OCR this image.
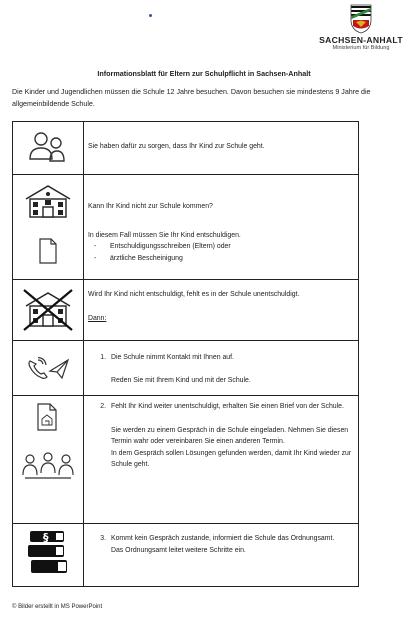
SACHSEN-ANHALT
Ministerium für Bildung
Informationsblatt für Eltern zur Schulpflicht in Sachsen-Anhalt
Die Kinder und Jugendlichen müssen die Schule 12 Jahre besuchen. Davon besuchen sie mindestens 9 Jahre die allgemeinbildende Schule.

Sie haben dafür zu sorgen, dass Ihr Kind zur Schule geht.

Kann Ihr Kind nicht zur Schule kommen?

In diesem Fall müssen Sie Ihr Kind entschuldigen.

- Entschuldigungsschreiben (Eltern) oder
- ärztliche Bescheinigung

Wird Ihr Kind nicht entschuldigt, fehlt es in der Schule unentschuldigt.

Dann:

1. Die Schule nimmt Kontakt mit Ihnen auf.

Reden Sie mit Ihrem Kind und mit der Schule.

2. Fehlt Ihr Kind weiter unentschuldigt, erhalten Sie einen Brief von der Schule.

Sie werden zu einem Gespräch in die Schule eingeladen. Nehmen Sie diesen Termin wahr oder vereinbaren Sie einen anderen Termin.

In dem Gespräch sollen Lösungen gefunden werden, damit Ihr Kind wieder zur Schule geht.

§	3. Kommt kein Gespräch zustande, informiert die Schule das Ordnungsamt.

Das Ordnungsamt leitet weitere Schritte ein.

© Bilder erstellt in MS PowerPoint
